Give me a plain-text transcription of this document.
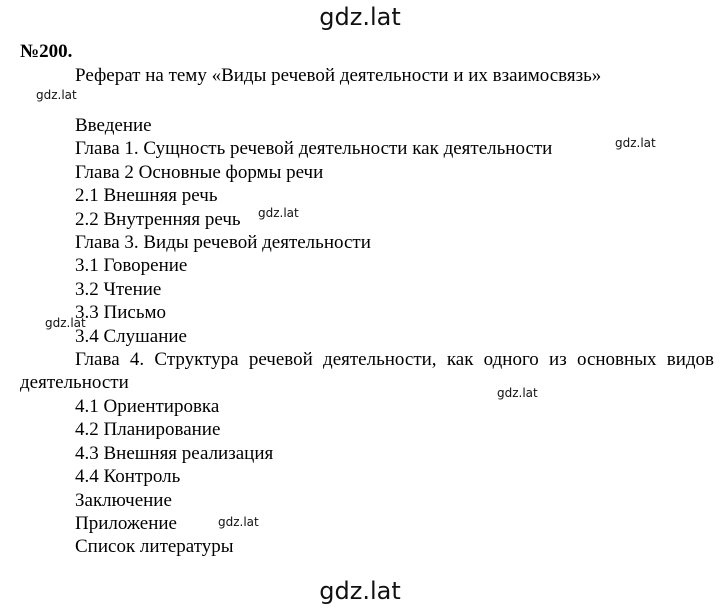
gdz.lat
№200.
Реферат на тему «Виды речевой деятельности и их взаимосвязь»
Введение
Глава 1. Сущность речевой деятельности как деятельности
Глава 2 Основные формы речи
2.1 Внешняя речь
2.2 Внутренняя речь
Глава 3. Виды речевой деятельности
3.1 Говорение
3.2 Чтение
3.3 Письмо
3.4 Слушание
Глава 4. Структура речевой деятельности, как одного из основных видов деятельности
4.1 Ориентировка
4.2 Планирование
4.3 Внешняя реализация
4.4 Контроль
Заключение
Приложение
Список литературы
gdz.lat
gdz.lat
gdz.lat
gdz.lat
gdz.lat
gdz.lat
gdz.lat
